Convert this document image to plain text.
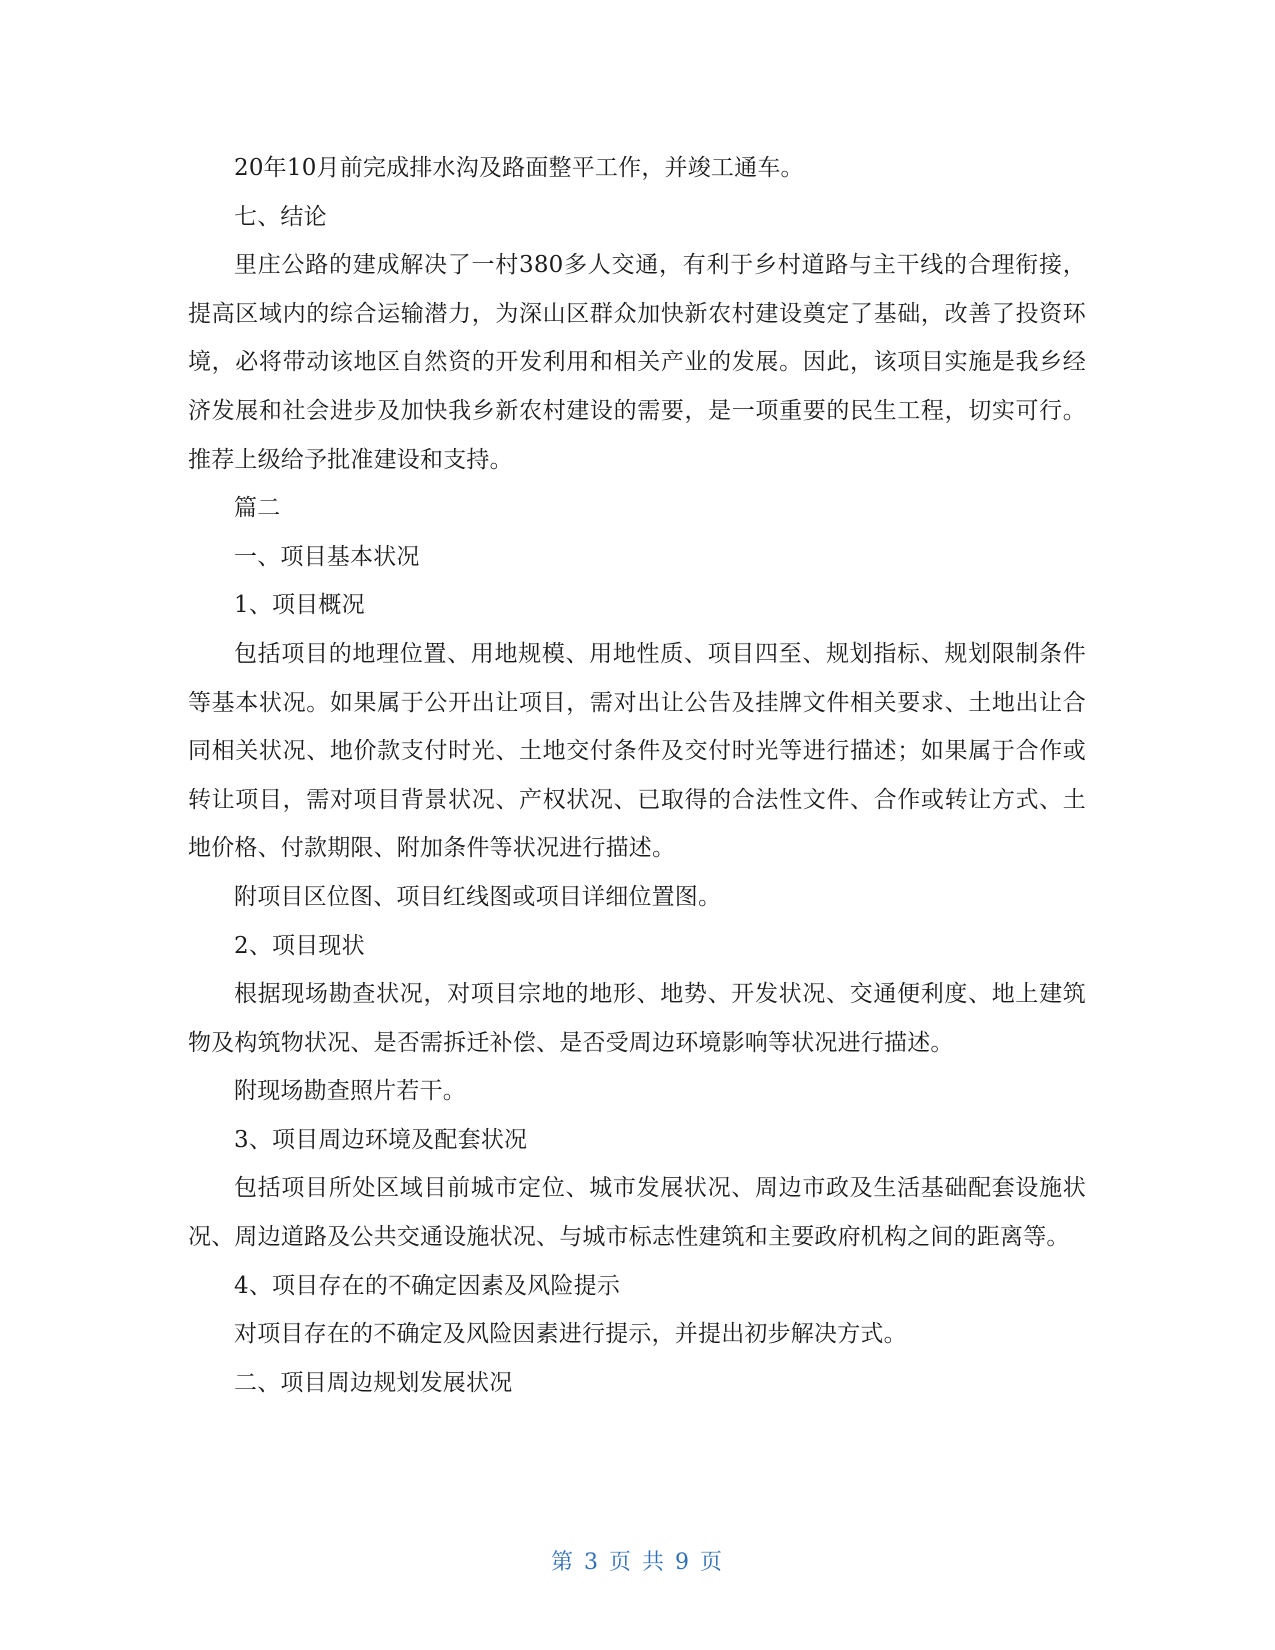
20年10月前完成排水沟及路面整平工作，并竣工通车。

七、结论

里庄公路的建成解决了一村380多人交通，有利于乡村道路与主干线的合理衔接，提高区域内的综合运输潜力，为深山区群众加快新农村建设奠定了基础，改善了投资环境，必将带动该地区自然资的开发利用和相关产业的发展。因此，该项目实施是我乡经济发展和社会进步及加快我乡新农村建设的需要，是一项重要的民生工程，切实可行。推荐上级给予批准建设和支持。

篇二

一、项目基本状况

1、项目概况

包括项目的地理位置、用地规模、用地性质、项目四至、规划指标、规划限制条件等基本状况。如果属于公开出让项目，需对出让公告及挂牌文件相关要求、土地出让合同相关状况、地价款支付时光、土地交付条件及交付时光等进行描述；如果属于合作或转让项目，需对项目背景状况、产权状况、已取得的合法性文件、合作或转让方式、土地价格、付款期限、附加条件等状况进行描述。

附项目区位图、项目红线图或项目详细位置图。

2、项目现状

根据现场勘查状况，对项目宗地的地形、地势、开发状况、交通便利度、地上建筑物及构筑物状况、是否需拆迁补偿、是否受周边环境影响等状况进行描述。

附现场勘查照片若干。

3、项目周边环境及配套状况

包括项目所处区域目前城市定位、城市发展状况、周边市政及生活基础配套设施状况、周边道路及公共交通设施状况、与城市标志性建筑和主要政府机构之间的距离等。

4、项目存在的不确定因素及风险提示

对项目存在的不确定及风险因素进行提示，并提出初步解决方式。

二、项目周边规划发展状况

第 3 页 共 9 页
